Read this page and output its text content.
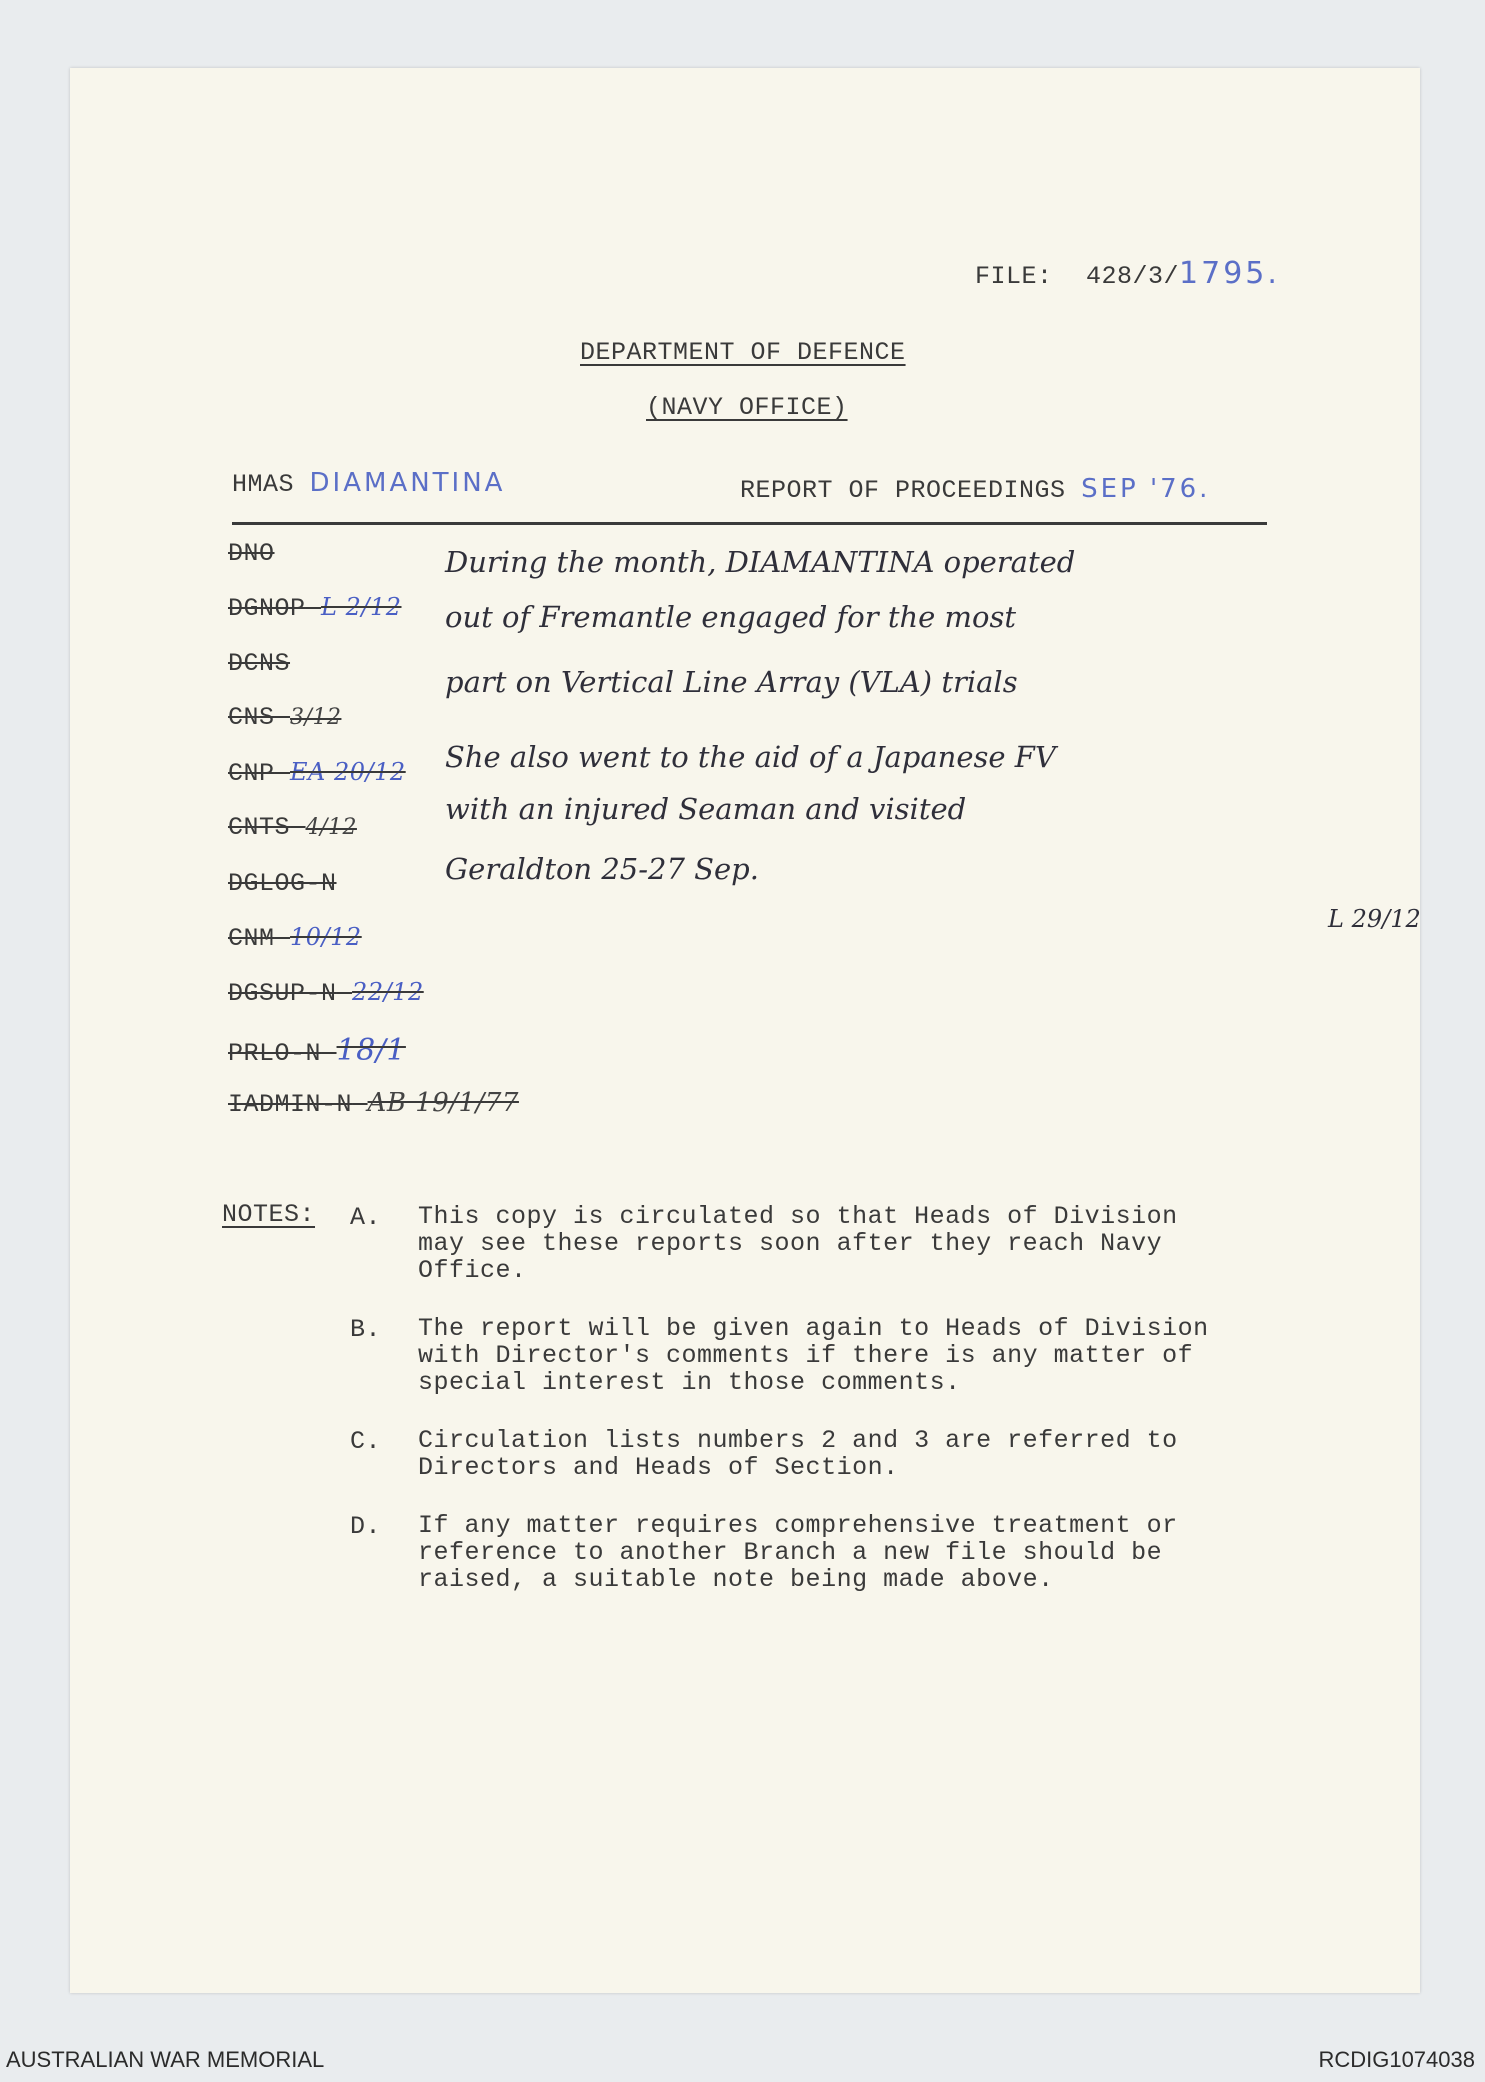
FILE: 428/3/1795.
DEPARTMENT OF DEFENCE
(NAVY OFFICE)
HMAS DIAMANTINA	REPORT OF PROCEEDINGS SEP '76.
DNO
DGNOP L 2/12
DCNS
CNS 3/12
CNP EA 20/12
CNTS 4/12
DGLOG-N
CNM 10/12
DGSUP-N 22/12
PRLO-N 18/1
IADMIN-N AB 19/1/77
During the month, DIAMANTINA operated
out of Fremantle engaged for the most
part on Vertical Line Array (VLA) trials
She also went to the aid of a Japanese FV
with an injured Seaman and visited
Geraldton 25-27 Sep.
L 29/12
NOTES: A. This copy is circulated so that Heads of Division
may see these reports soon after they reach Navy
Office.
B. The report will be given again to Heads of Division
with Director's comments if there is any matter of
special interest in those comments.
C. Circulation lists numbers 2 and 3 are referred to
Directors and Heads of Section.
D. If any matter requires comprehensive treatment or
reference to another Branch a new file should be
raised, a suitable note being made above.
AUSTRALIAN WAR MEMORIAL	RCDIG1074038
